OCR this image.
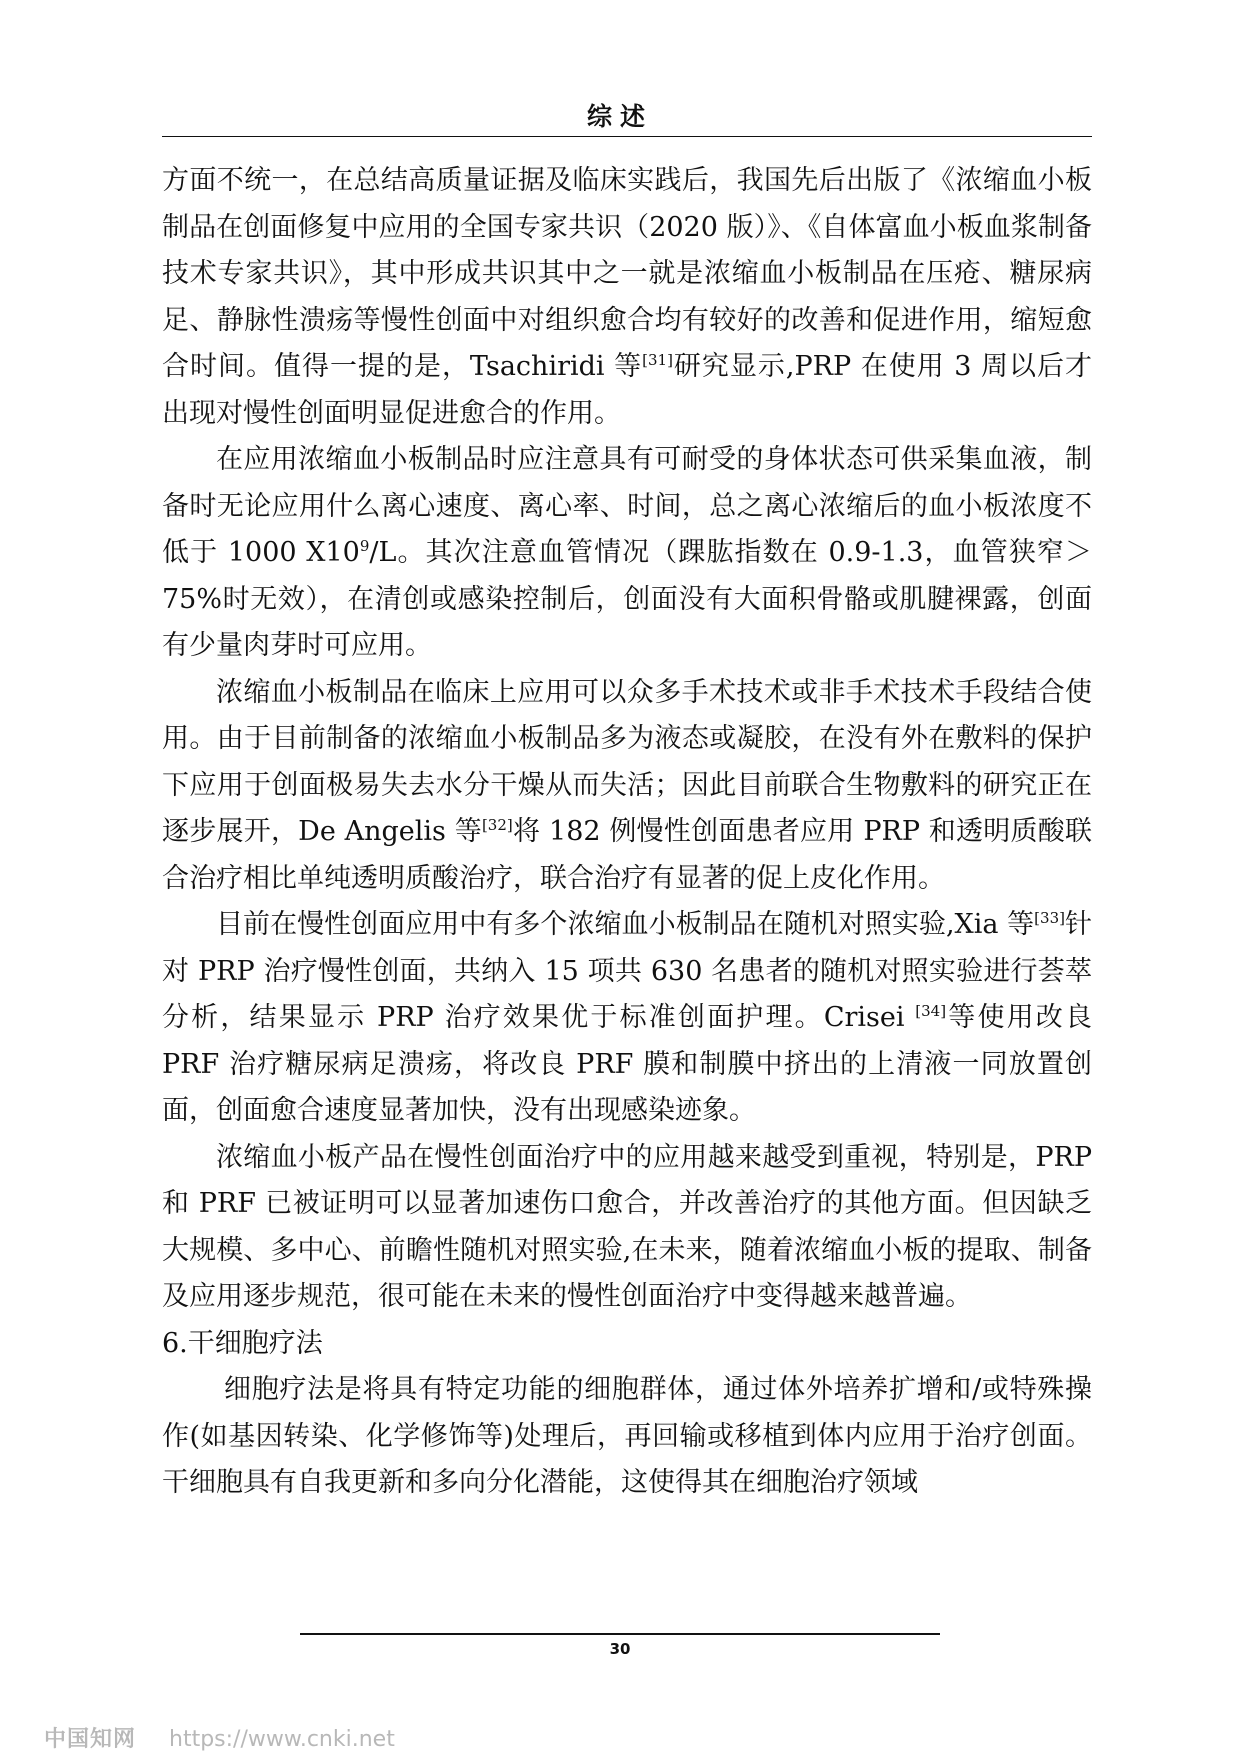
综述

方面不统一，在总结高质量证据及临床实践后，我国先后出版了《浓缩血小板制品在创面修复中应用的全国专家共识（2020 版）》、《自体富血小板血浆制备技术专家共识》，其中形成共识其中之一就是浓缩血小板制品在压疮、糖尿病足、静脉性溃疡等慢性创面中对组织愈合均有较好的改善和促进作用，缩短愈合时间。值得一提的是，Tsachiridi 等[31]研究显示,PRP 在使用 3 周以后才出现对慢性创面明显促进愈合的作用。

在应用浓缩血小板制品时应注意具有可耐受的身体状态可供采集血液，制备时无论应用什么离心速度、离心率、时间，总之离心浓缩后的血小板浓度不低于 1000 $X10^9/L$。其次注意血管情况（踝肱指数在 0.9-1.3，血管狭窄＞75%时无效），在清创或感染控制后，创面没有大面积骨骼或肌腱裸露，创面有少量肉芽时可应用。

浓缩血小板制品在临床上应用可以众多手术技术或非手术技术手段结合使用。由于目前制备的浓缩血小板制品多为液态或凝胶，在没有外在敷料的保护下应用于创面极易失去水分干燥从而失活；因此目前联合生物敷料的研究正在逐步展开，De Angelis 等[32]将 182 例慢性创面患者应用 PRP 和透明质酸联合治疗相比单纯透明质酸治疗，联合治疗有显著的促上皮化作用。

目前在慢性创面应用中有多个浓缩血小板制品在随机对照实验,Xia 等[33]针对 PRP 治疗慢性创面，共纳入 15 项共 630 名患者的随机对照实验进行荟萃分析，结果显示 PRP 治疗效果优于标准创面护理。Crisei [34]等使用改良 PRF 治疗糖尿病足溃疡，将改良 PRF 膜和制膜中挤出的上清液一同放置创面，创面愈合速度显著加快，没有出现感染迹象。

浓缩血小板产品在慢性创面治疗中的应用越来越受到重视，特别是，PRP 和 PRF 已被证明可以显著加速伤口愈合，并改善治疗的其他方面。但因缺乏大规模、多中心、前瞻性随机对照实验,在未来，随着浓缩血小板的提取、制备及应用逐步规范，很可能在未来的慢性创面治疗中变得越来越普遍。

6.干细胞疗法

细胞疗法是将具有特定功能的细胞群体，通过体外培养扩增和/或特殊操作(如基因转染、化学修饰等)处理后，再回输或移植到体内应用于治疗创面。干细胞具有自我更新和多向分化潜能，这使得其在细胞治疗领域

30
中国知网 https://www.cnki.net
